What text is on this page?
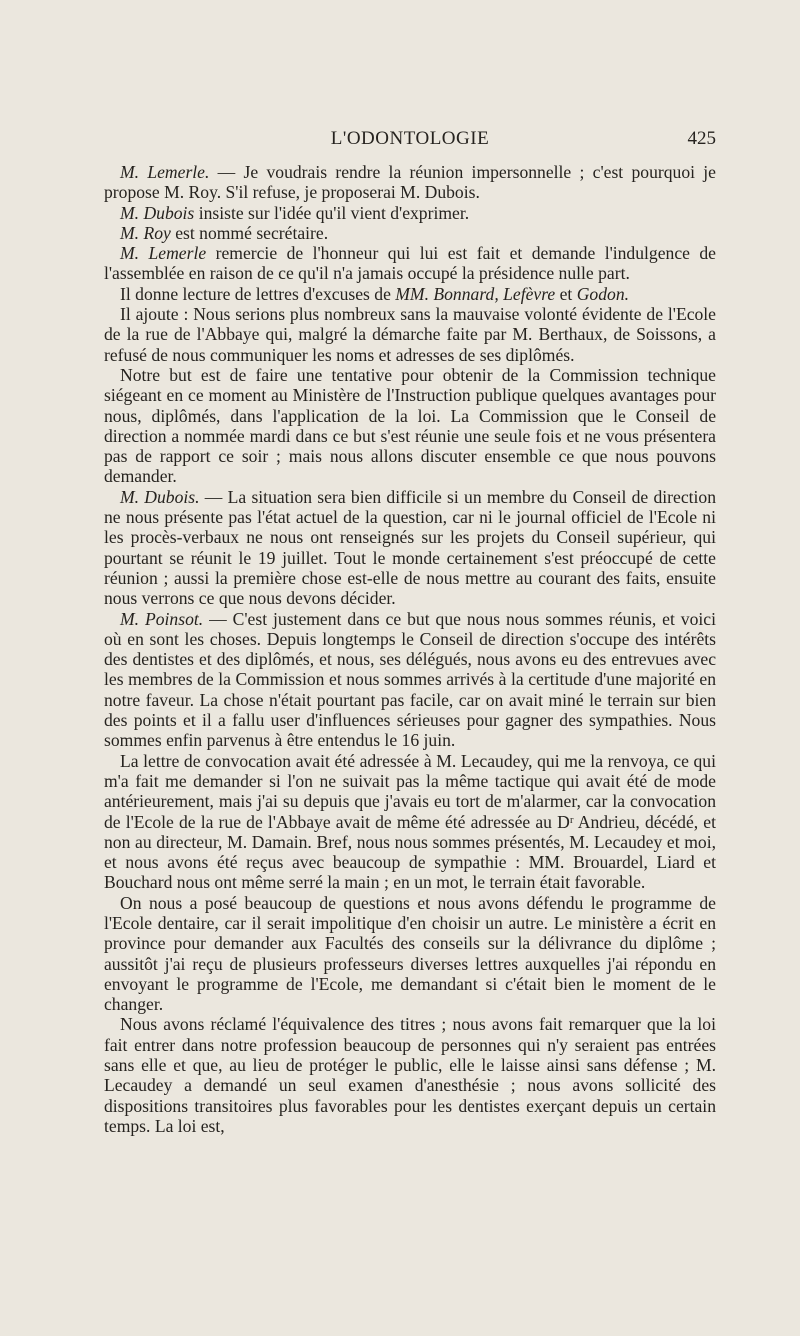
L'ODONTOLOGIE	425

M. Lemerle. — Je voudrais rendre la réunion impersonnelle ; c'est pourquoi je propose M. Roy. S'il refuse, je proposerai M. Dubois.

M. Dubois insiste sur l'idée qu'il vient d'exprimer.

M. Roy est nommé secrétaire.

M. Lemerle remercie de l'honneur qui lui est fait et demande l'indulgence de l'assemblée en raison de ce qu'il n'a jamais occupé la présidence nulle part.

Il donne lecture de lettres d'excuses de MM. Bonnard, Lefèvre et Godon.

Il ajoute : Nous serions plus nombreux sans la mauvaise volonté évidente de l'Ecole de la rue de l'Abbaye qui, malgré la démarche faite par M. Berthaux, de Soissons, a refusé de nous communiquer les noms et adresses de ses diplômés.

Notre but est de faire une tentative pour obtenir de la Commission technique siégeant en ce moment au Ministère de l'Instruction publique quelques avantages pour nous, diplômés, dans l'application de la loi. La Commission que le Conseil de direction a nommée mardi dans ce but s'est réunie une seule fois et ne vous présentera pas de rapport ce soir ; mais nous allons discuter ensemble ce que nous pouvons demander.

M. Dubois. — La situation sera bien difficile si un membre du Conseil de direction ne nous présente pas l'état actuel de la question, car ni le journal officiel de l'Ecole ni les procès-verbaux ne nous ont renseignés sur les projets du Conseil supérieur, qui pourtant se réunit le 19 juillet. Tout le monde certainement s'est préoccupé de cette réunion ; aussi la première chose est-elle de nous mettre au courant des faits, ensuite nous verrons ce que nous devons décider.

M. Poinsot. — C'est justement dans ce but que nous nous sommes réunis, et voici où en sont les choses. Depuis longtemps le Conseil de direction s'occupe des intérêts des dentistes et des diplômés, et nous, ses délégués, nous avons eu des entrevues avec les membres de la Commission et nous sommes arrivés à la certitude d'une majorité en notre faveur. La chose n'était pourtant pas facile, car on avait miné le terrain sur bien des points et il a fallu user d'influences sérieuses pour gagner des sympathies. Nous sommes enfin parvenus à être entendus le 16 juin.

La lettre de convocation avait été adressée à M. Lecaudey, qui me la renvoya, ce qui m'a fait me demander si l'on ne suivait pas la même tactique qui avait été de mode antérieurement, mais j'ai su depuis que j'avais eu tort de m'alarmer, car la convocation de l'Ecole de la rue de l'Abbaye avait de même été adressée au Dʳ Andrieu, décédé, et non au directeur, M. Damain. Bref, nous nous sommes présentés, M. Lecaudey et moi, et nous avons été reçus avec beaucoup de sympathie : MM. Brouardel, Liard et Bouchard nous ont même serré la main ; en un mot, le terrain était favorable.

On nous a posé beaucoup de questions et nous avons défendu le programme de l'Ecole dentaire, car il serait impolitique d'en choisir un autre. Le ministère a écrit en province pour demander aux Facultés des conseils sur la délivrance du diplôme ; aussitôt j'ai reçu de plusieurs professeurs diverses lettres auxquelles j'ai répondu en envoyant le programme de l'Ecole, me demandant si c'était bien le moment de le changer.

Nous avons réclamé l'équivalence des titres ; nous avons fait remarquer que la loi fait entrer dans notre profession beaucoup de personnes qui n'y seraient pas entrées sans elle et que, au lieu de protéger le public, elle le laisse ainsi sans défense ; M. Lecaudey a demandé un seul examen d'anesthésie ; nous avons sollicité des dispositions transitoires plus favorables pour les dentistes exerçant depuis un certain temps. La loi est,
